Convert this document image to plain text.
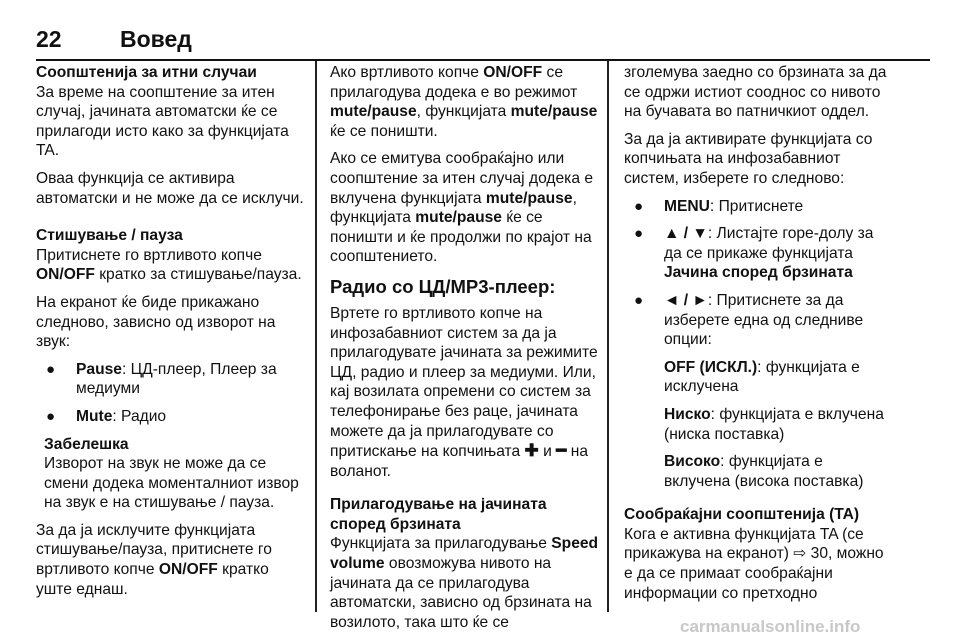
22	Вовед
Соопштенија за итни случаи

За време на соопштение за итен случај, јачината автоматски ќе се прилагоди исто како за функцијата TA.

Оваа функција се активира автоматски и не може да се исклучи.

Стишување / пауза

Притиснете го вртливото копче ON/OFF кратко за стишување/пауза.

На екранот ќе биде прикажано следново, зависно од изворот на звук:

● Pause: ЦД-плеер, Плеер за медиуми
● Mute: Радио
Забелешка
Изворот на звук не може да се смени додека моменталниот извор на звук е на стишување / пауза.

За да ја исклучите функцијата стишување/пауза, притиснете го вртливото копче ON/OFF кратко уште еднаш.

Ако вртливото копче ON/OFF се прилагодува додека е во режимот mute/pause, функцијата mute/pause ќе се поништи.

Ако се емитува сообраќајно или соопштение за итен случај додека е вклучена функцијата mute/pause, функцијата mute/pause ќе се поништи и ќе продолжи по крајот на соопштението.

Радио со ЦД/MP3-плеер:

Вртете го вртливото копче на инфозабавниот систем за да ја прилагодувате јачината за режимите ЦД, радио и плеер за медиуми. Или, кај возилата опремени со систем за телефонирање без раце, јачината можете да ја прилагодувате со притискање на копчињата ✚ и ━ на воланот.

Прилагодување на јачината според брзината

Функцијата за прилагодување Speed volume овозможува нивото на јачината да се прилагодува автоматски, зависно од брзината на возилото, така што ќе се

зголемува заедно со брзината за да се одржи истиот сооднос со нивото на бучавата во патничкиот оддел.

За да ја активирате функцијата со копчињата на инфозабавниот систем, изберете го следново:

● MENU: Притиснете
● ▲ / ▼: Листајте горе-долу за да се прикаже функцијата Јачина според брзината
● ◄ / ►: Притиснете за да изберете една од следниве опции:

OFF (ИСКЛ.): функцијата е исклучена

Ниско: функцијата е вклучена (ниска поставка)

Високо: функцијата е вклучена (висока поставка)

Сообраќајни соопштенија (TA)

Кога е активна функцијата TA (се прикажува на екранот) ⇨ 30, можно е да се примаат сообраќајни информации со претходно

carmanualsonline.info
